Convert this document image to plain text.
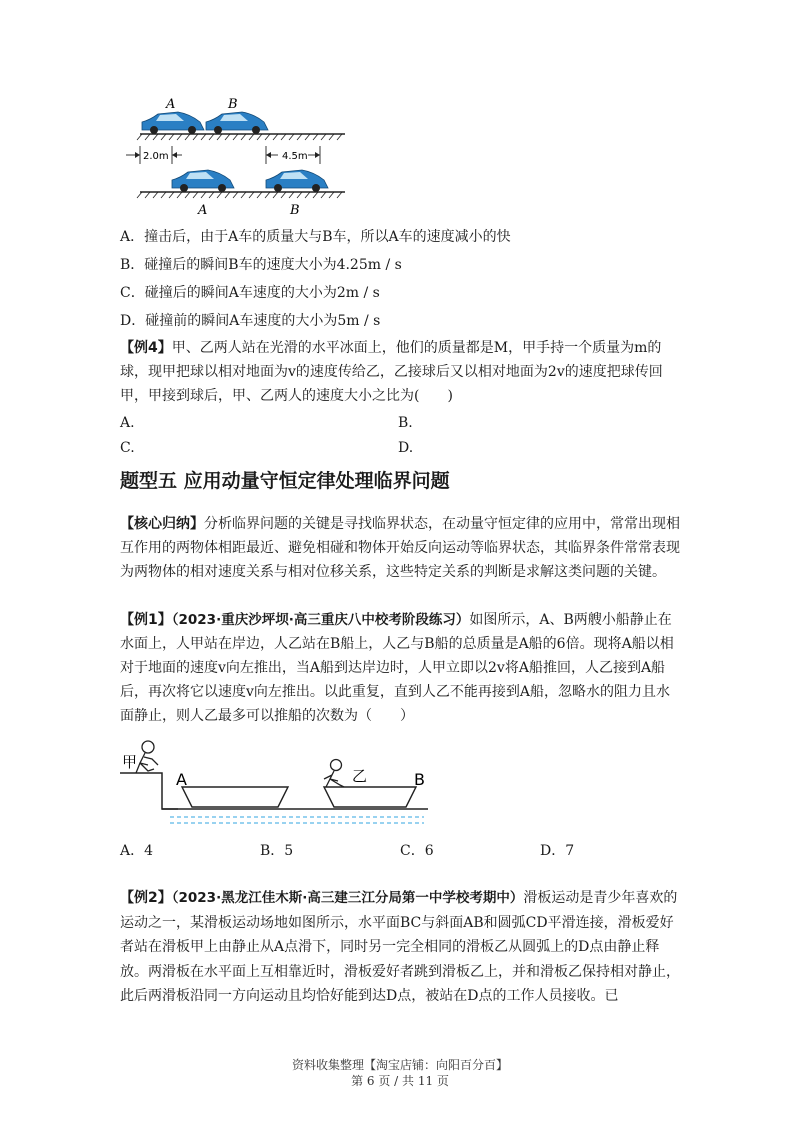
A	B
2.0m	4.5m
A	B
A．撞击后，由于A车的质量大与B车，所以A车的速度减小的快
B．碰撞后的瞬间B车的速度大小为4.25m / s
C．碰撞后的瞬间A车速度的大小为2m / s
D．碰撞前的瞬间A车速度的大小为5m / s
【例4】甲、乙两人站在光滑的水平冰面上，他们的质量都是M，甲手持一个质量为m的球，现甲把球以相对地面为v的速度传给乙，乙接球后又以相对地面为2v的速度把球传回甲，甲接到球后，甲、乙两人的速度大小之比为(　　)
A.	B.
C.	D.
题型五 应用动量守恒定律处理临界问题
【核心归纳】分析临界问题的关键是寻找临界状态，在动量守恒定律的应用中，常常出现相互作用的两物体相距最近、避免相碰和物体开始反向运动等临界状态，其临界条件常常表现为两物体的相对速度关系与相对位移关系，这些特定关系的判断是求解这类问题的关键。
【例1】（2023·重庆沙坪坝·高三重庆八中校考阶段练习）如图所示，A、B两艘小船静止在水面上，人甲站在岸边，人乙站在B船上，人乙与B船的总质量是A船的6倍。现将A船以相对于地面的速度v向左推出，当A船到达岸边时，人甲立即以2v将A船推回，人乙接到A船后，再次将它以速度v向左推出。以此重复，直到人乙不能再接到A船，忽略水的阻力且水面静止，则人乙最多可以推船的次数为（　　）
甲
A	B
乙
A．4	B．5	C．6	D．7
【例2】（2023·黑龙江佳木斯·高三建三江分局第一中学校考期中）滑板运动是青少年喜欢的运动之一，某滑板运动场地如图所示，水平面BC与斜面AB和圆弧CD平滑连接，滑板爱好者站在滑板甲上由静止从A点滑下，同时另一完全相同的滑板乙从圆弧上的D点由静止释放。两滑板在水平面上互相靠近时，滑板爱好者跳到滑板乙上，并和滑板乙保持相对静止，此后两滑板沿同一方向运动且均恰好能到达D点，被站在D点的工作人员接收。已
资料收集整理【淘宝店铺：向阳百分百】
第 6 页 / 共 11 页
